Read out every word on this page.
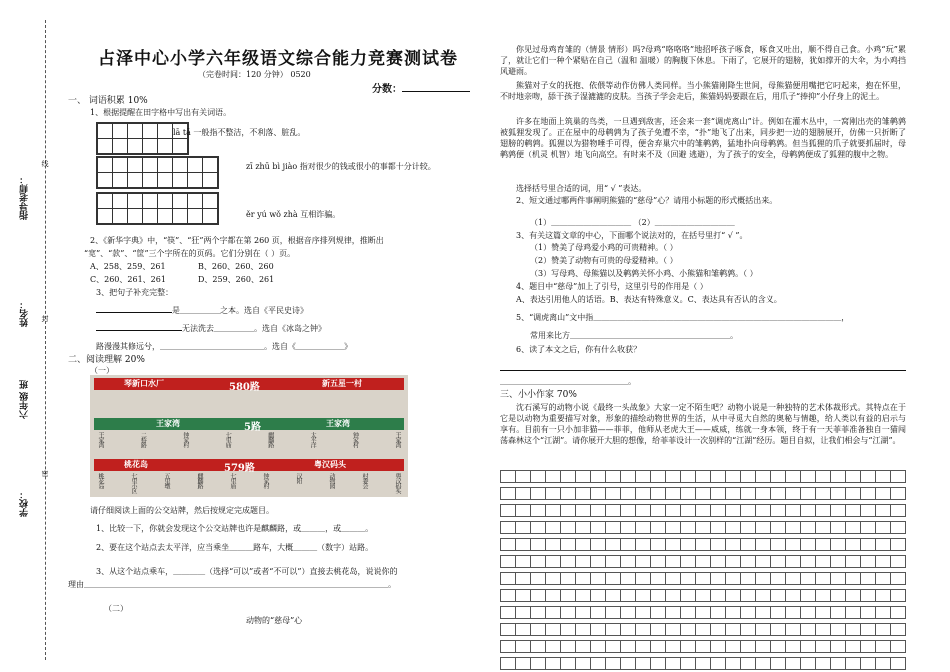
指导老师：
姓名：
六年级 班
学校：
线
封
密
占泽中心小学六年级语文综合能力竞赛测试卷
（完卷时间：120 分钟） 0520
分数：
一、 词语积累 10%
1、根据提醒在田字格中写出有关词语。

lā tā 一般指不整洁，不利落、脏乱。

zī zhū bì jiào 指对很少的钱或很小的事都十分计较。

ěr yú wǒ zhà 互相诈骗。
2、《新华字典》中，“筷”、“狂”两个字都在第 260 页，根据音序排列规律，推断出
“宽”、“款”、“筐”三个字所在的页码。它们分别在（ ）页。
A、258、259、261	B、260、260、260
C、260、261、261	D、259、260、261
3、把句子补充完整：
是＿＿＿＿＿之本。选自《平民史诗》
无法洗去＿＿＿＿＿。选自《冰岛之钟》
路漫漫其修远兮，＿＿＿＿＿＿＿＿＿＿＿＿＿。选自《＿＿＿＿＿＿》
二、阅读理解 20%
（一）
琴新口水厂	580路	新五星一村
王家湾	5路	王家湾
王家湾	二桥路	钟家村	七里庙	麒麟路	太平洋	钟家村	王家湾
桃花岛	579路	粤汉码头
桃花岛	七里小区	五里墩	麒麟路	七里庙	钟家村	汉阳	动物园	村委会	粤汉码头
请仔细阅读上面的公交站牌，然后按规定完成题目。
1、比较一下，你就会发现这个公交站牌也许是麒麟路，或＿＿＿，或＿＿＿。
2、要在这个站点去太平洋，应当乘坐＿＿＿路车，大概＿＿＿（数字）站路。
3、从这个站点乘车，＿＿＿＿（选择“可以”或者“不可以”）直接去桃花岛，说说你的
理由＿＿＿＿＿＿＿＿＿＿＿＿＿＿＿＿＿＿＿＿＿＿＿＿＿＿＿＿＿＿＿＿＿＿＿＿＿＿。
（二）
动物的“慈母”心
你见过母鸡育雏的（情景 情形）吗?母鸡“咯咯咯”地招呼孩子啄食，啄食又吐出，顺不得自己食。小鸡“玩”累了，就让它们一种个紧贴在自己（温和 温暖）的胸腹下休息。下雨了，它展开的翅膀，犹如撑开的大伞，为小鸡挡风避雨。
熊猫对子女的抚抱、依偎等动作仿佛人类同样。当小熊猫刚降生世间，母熊猫便用嘴把它叼起来，抱在怀里，不时地亲吻，舔干孩子湿漉漉的皮肤。当孩子学会走后，熊猫妈妈要跟在后，用爪子“捧抑”小仔身上的泥土。
许多在地面上筑巢的鸟类，一旦遇到敌害，还会来一套“调虎离山”计。例如在灌木丛中，一窝刚出壳的雏鹌鹑被狐狸发现了。正在屋中的母鹌鹑为了孩子免遭不幸，“扑”地飞了出来，同步把一边的翅膀展开，仿佛一只折断了翅膀的鹌鹑。狐狸以为猎物唾手可得，便舍弃巢穴中的雏鹌鹑，猛地扑向母鹌鹑。但当狐狸的爪子就要抓届时，母鹌鹑便（机灵 机智）地飞向高空。有时来不及（回避 逃避），为了孩子的安全，母鹌鹑便成了狐狸的腹中之物。
选择括号里合适的词，用“ √ ”表达。
2、短文通过哪两件事阐明熊猫的“慈母”心？请用小标题的形式概括出来。
（1）＿＿＿＿＿＿＿＿＿＿ （2）＿＿＿＿＿＿＿＿＿＿
3、有关这篇文章的中心，下面哪个说法对的，在括号里打“ √ ”。
（1）赞美了母鸡爱小鸡的可贵精神。（ ）
（2）赞美了动物有可贵的母爱精神。（ ）
（3）写母鸡、母熊猫以及鹌鹑关怀小鸡、小熊猫和雏鹌鹑。（ ）
4、题目中“慈母”加上了引号，这里引号的作用是（ ）
A、表达引用他人的话语。B、表达有特殊意义。C、表达具有否认的含义。
5、“调虎离山”文中指＿＿＿＿＿＿＿＿＿＿＿＿＿＿＿＿＿＿＿＿＿＿＿＿＿＿＿＿＿＿＿，
常用来比方＿＿＿＿＿＿＿＿＿＿＿＿＿＿＿＿＿＿＿＿。
6、读了本文之后，你有什么收获？
＿＿＿＿＿＿＿＿＿＿＿＿＿＿＿＿。
三、小小作家 70%
沈石溪写的动物小说《最终一头战象》大家一定不陌生吧？动物小说是一种独特的艺术体裁形式。其特点在于它是以动物为重要描写对象，形象的描绘动物世界的生活，从中寻觅大自然的奥秘与情趣，给人类以有益的启示与享有。目前有一只小加非猫——菲菲，他师从老虎大王——威威，练就一身本领，终于有一天菲菲准备独自一猫闯荡森林这个“江湖”。请你展开大胆的想像，给菲菲设计一次别样的“江湖”经历。题目自拟，让我们相会与“江湖”。
